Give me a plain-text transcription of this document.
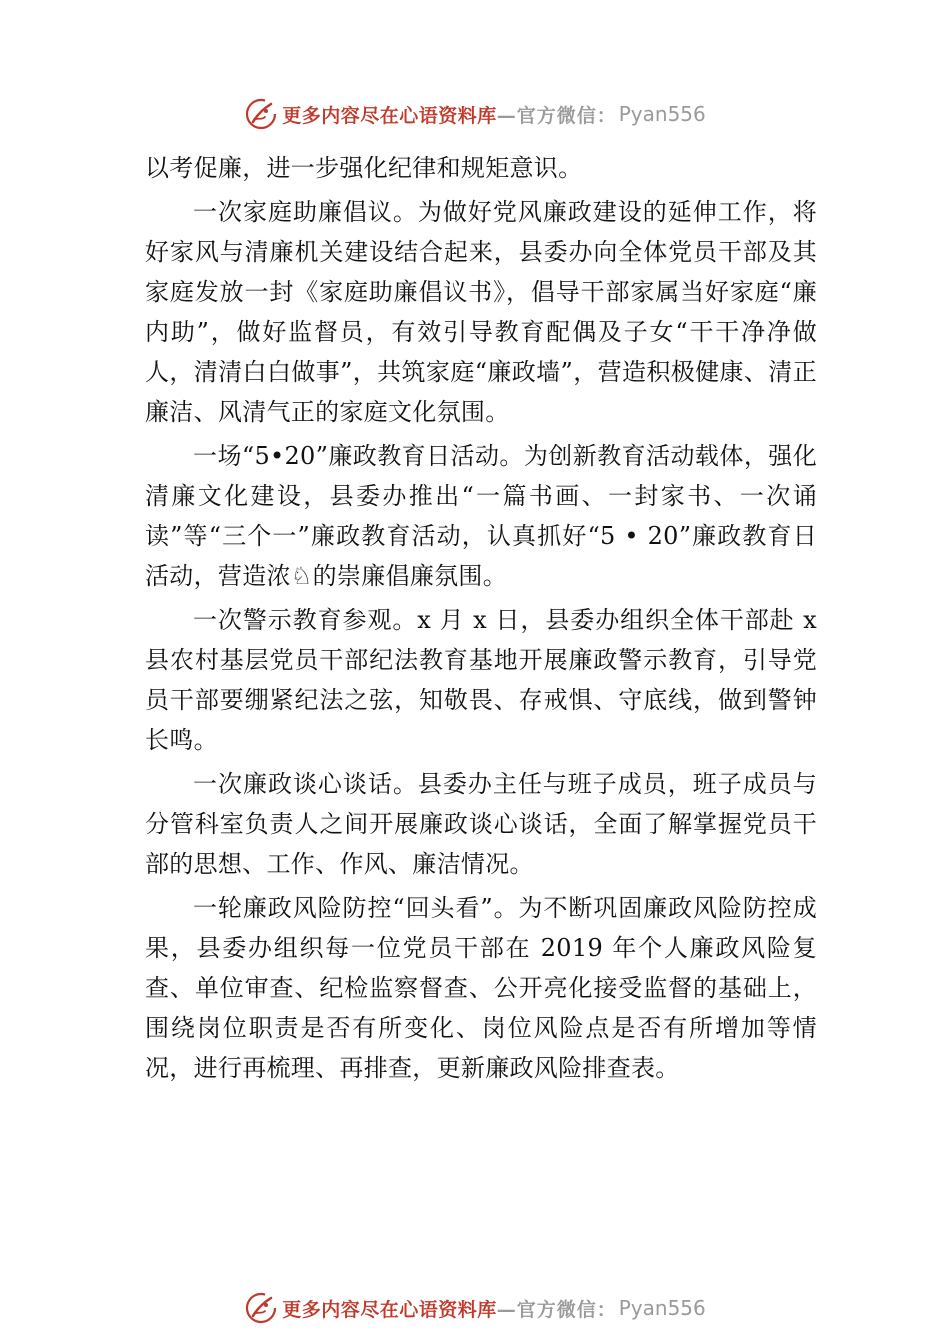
更多内容尽在心语资料库 —官方微信： Pyan556

以考促廉，进一步强化纪律和规矩意识。

一次家庭助廉倡议。为做好党风廉政建设的延伸工作，将好家风与清廉机关建设结合起来，县委办向全体党员干部及其家庭发放一封《家庭助廉倡议书》，倡导干部家属当好家庭“廉内助”，做好监督员，有效引导教育配偶及子女“干干净净做人，清清白白做事”，共筑家庭“廉政墙”，营造积极健康、清正廉洁、风清气正的家庭文化氛围。

一场“5•20”廉政教育日活动。为创新教育活动载体，强化清廉文化建设，县委办推出“一篇书画、一封家书、一次诵读”等“三个一”廉政教育活动，认真抓好“5 • 20”廉政教育日活动，营造浓♘的崇廉倡廉氛围。

一次警示教育参观。x 月 x 日，县委办组织全体干部赴 x 县农村基层党员干部纪法教育基地开展廉政警示教育，引导党员干部要绷紧纪法之弦，知敬畏、存戒惧、守底线，做到警钟长鸣。

一次廉政谈心谈话。县委办主任与班子成员，班子成员与分管科室负责人之间开展廉政谈心谈话，全面了解掌握党员干部的思想、工作、作风、廉洁情况。

一轮廉政风险防控“回头看”。为不断巩固廉政风险防控成果，县委办组织每一位党员干部在 2019 年个人廉政风险复查、单位审查、纪检监察督查、公开亮化接受监督的基础上，围绕岗位职责是否有所变化、岗位风险点是否有所增加等情况，进行再梳理、再排查，更新廉政风险排查表。

更多内容尽在心语资料库 —官方微信： Pyan556
